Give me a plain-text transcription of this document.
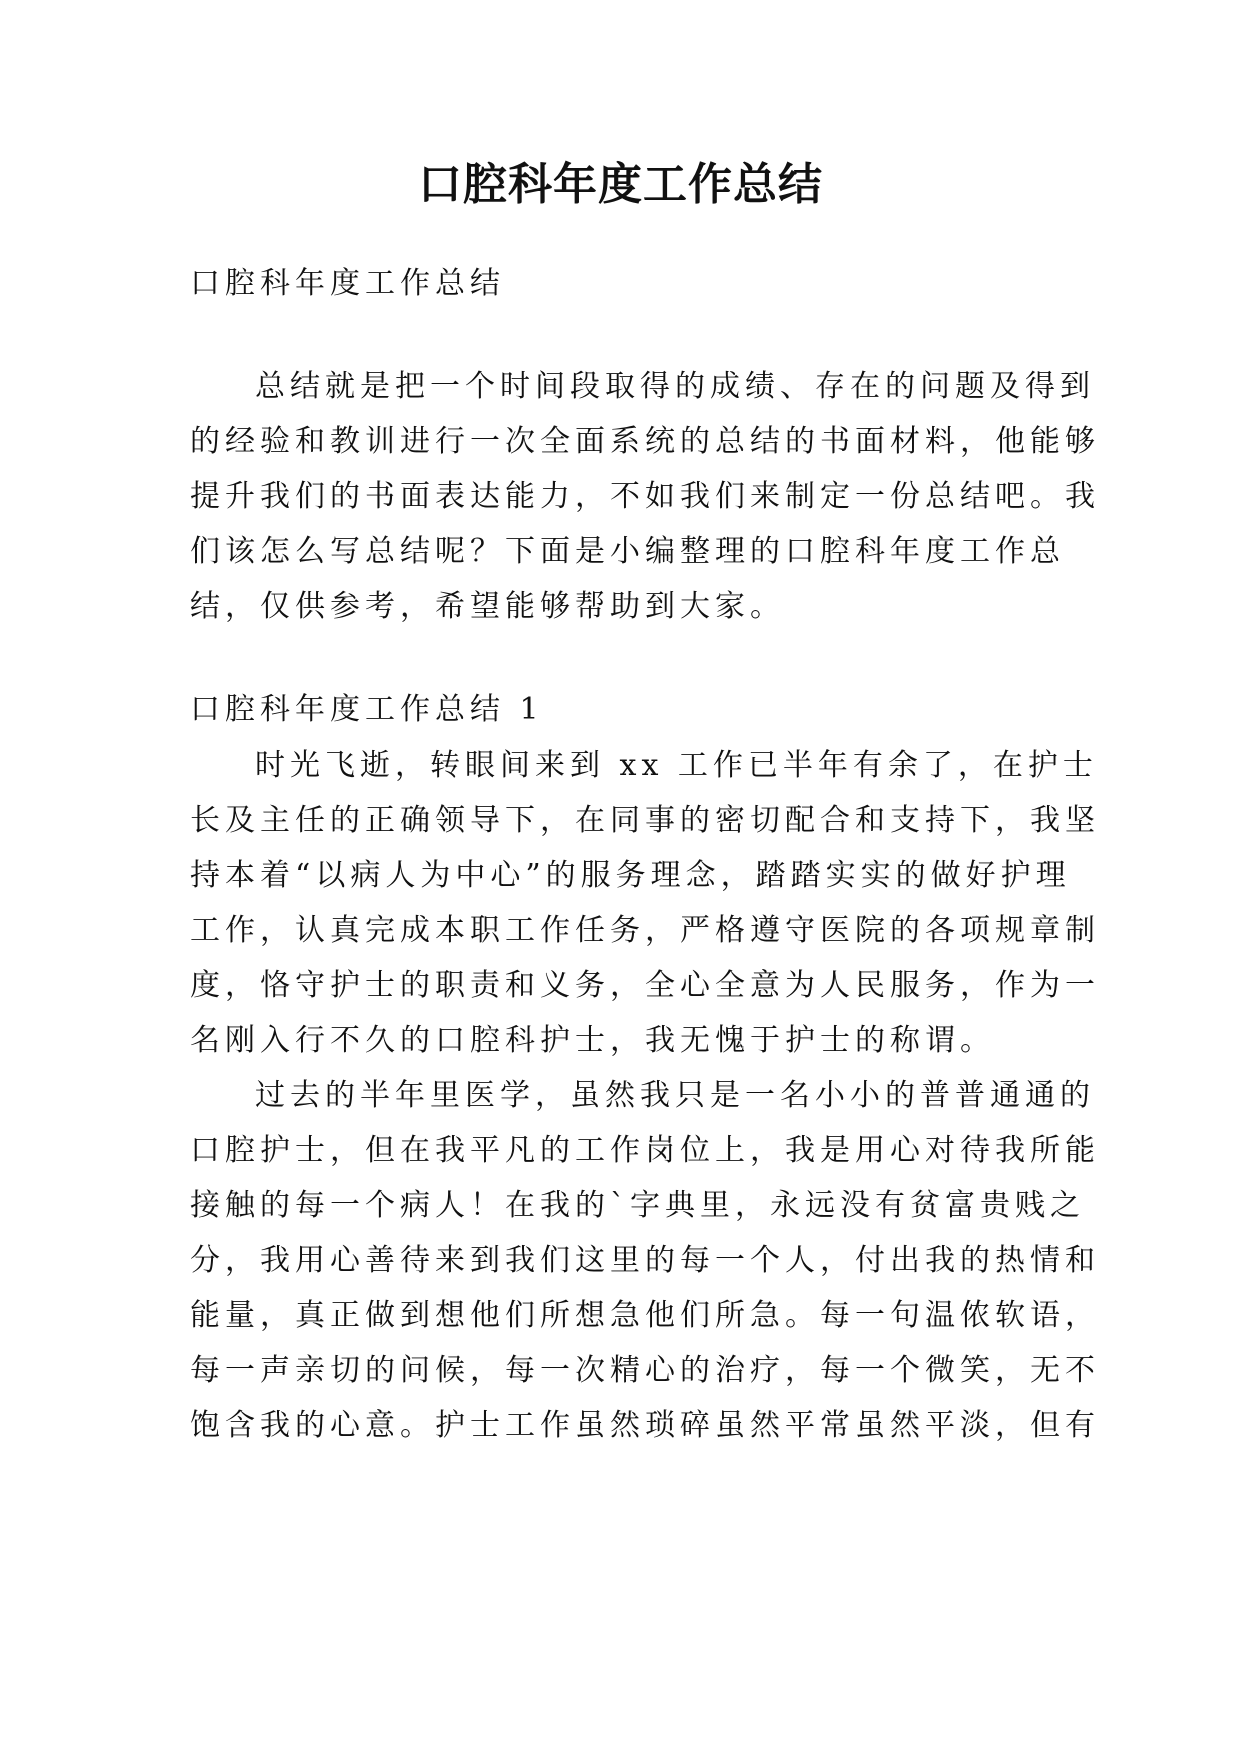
口腔科年度工作总结
口腔科年度工作总结
总结就是把一个时间段取得的成绩、存在的问题及得到
的经验和教训进行一次全面系统的总结的书面材料，他能够
提升我们的书面表达能力，不如我们来制定一份总结吧。我
们该怎么写总结呢？下面是小编整理的口腔科年度工作总
结，仅供参考，希望能够帮助到大家。
口腔科年度工作总结 1
时光飞逝，转眼间来到 xx 工作已半年有余了，在护士
长及主任的正确领导下，在同事的密切配合和支持下，我坚
持本着“以病人为中心”的服务理念，踏踏实实的做好护理
工作，认真完成本职工作任务，严格遵守医院的各项规章制
度，恪守护士的职责和义务，全心全意为人民服务，作为一
名刚入行不久的口腔科护士，我无愧于护士的称谓。
过去的半年里医学，虽然我只是一名小小的普普通通的
口腔护士，但在我平凡的工作岗位上，我是用心对待我所能
接触的每一个病人！在我的`字典里，永远没有贫富贵贱之
分，我用心善待来到我们这里的每一个人，付出我的热情和
能量，真正做到想他们所想急他们所急。每一句温侬软语，
每一声亲切的问候，每一次精心的治疗，每一个微笑，无不
饱含我的心意。护士工作虽然琐碎虽然平常虽然平淡，但有
